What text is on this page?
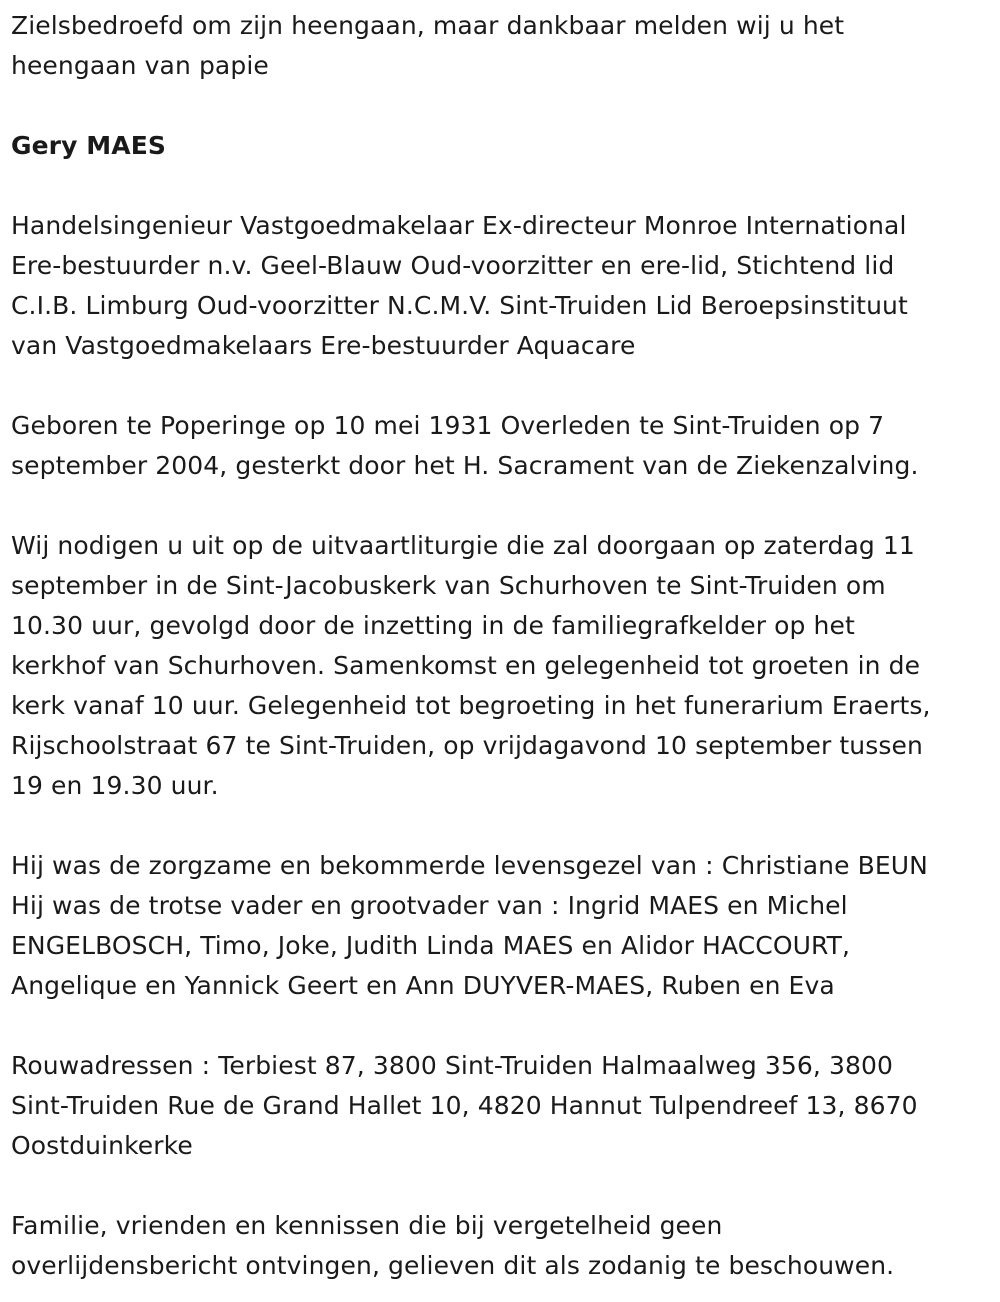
Zielsbedroefd om zijn heengaan, maar dankbaar melden wij u het
heengaan van papie

Gery MAES

Handelsingenieur Vastgoedmakelaar Ex-directeur Monroe International
Ere-bestuurder n.v. Geel-Blauw Oud-voorzitter en ere-lid, Stichtend lid
C.I.B. Limburg Oud-voorzitter N.C.M.V. Sint-Truiden Lid Beroepsinstituut
van Vastgoedmakelaars Ere-bestuurder Aquacare

Geboren te Poperinge op 10 mei 1931 Overleden te Sint-Truiden op 7
september 2004, gesterkt door het H. Sacrament van de Ziekenzalving.

Wij nodigen u uit op de uitvaartliturgie die zal doorgaan op zaterdag 11
september in de Sint-Jacobuskerk van Schurhoven te Sint-Truiden om
10.30 uur, gevolgd door de inzetting in de familiegrafkelder op het
kerkhof van Schurhoven. Samenkomst en gelegenheid tot groeten in de
kerk vanaf 10 uur. Gelegenheid tot begroeting in het funerarium Eraerts,
Rijschoolstraat 67 te Sint-Truiden, op vrijdagavond 10 september tussen
19 en 19.30 uur.

Hij was de zorgzame en bekommerde levensgezel van : Christiane BEUN
Hij was de trotse vader en grootvader van : Ingrid MAES en Michel
ENGELBOSCH, Timo, Joke, Judith Linda MAES en Alidor HACCOURT,
Angelique en Yannick Geert en Ann DUYVER-MAES, Ruben en Eva

Rouwadressen : Terbiest 87, 3800 Sint-Truiden Halmaalweg 356, 3800
Sint-Truiden Rue de Grand Hallet 10, 4820 Hannut Tulpendreef 13, 8670
Oostduinkerke

Familie, vrienden en kennissen die bij vergetelheid geen
overlijdensbericht ontvingen, gelieven dit als zodanig te beschouwen.
